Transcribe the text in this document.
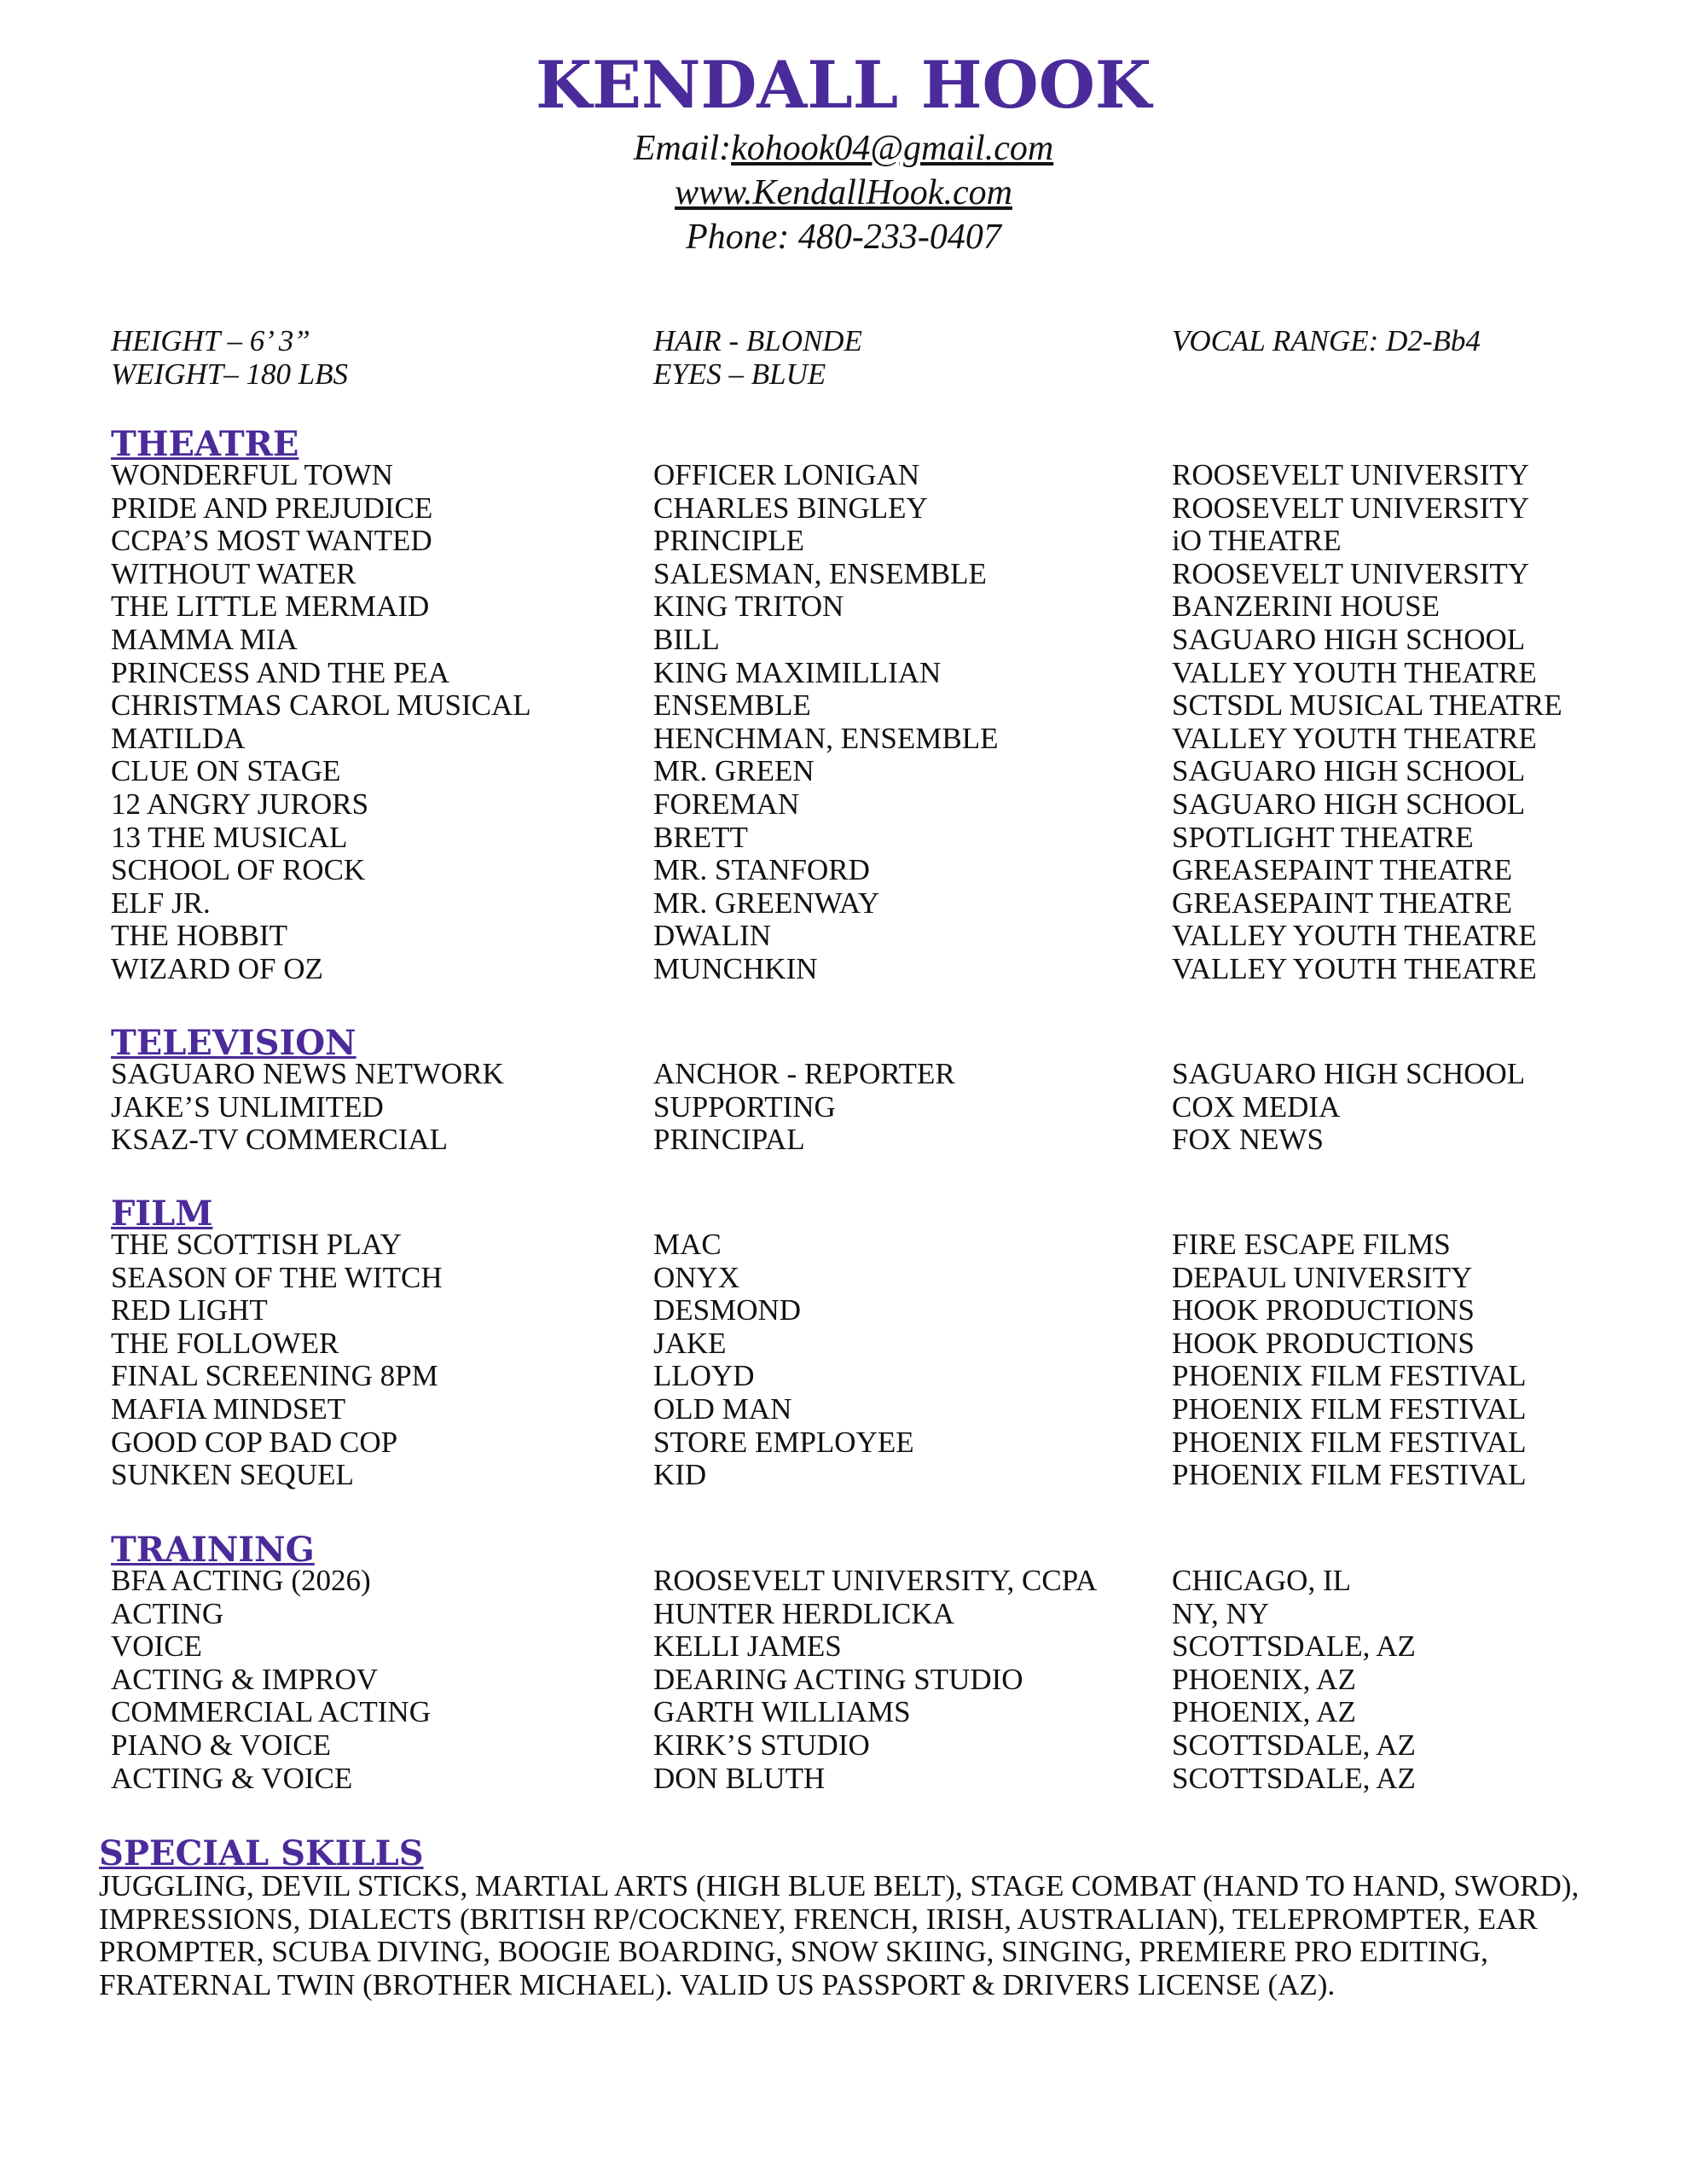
KENDALL HOOK
Email:kohook04@gmail.com
www.KendallHook.com
Phone: 480-233-0407
HEIGHT – 6’ 3”
WEIGHT– 180 LBS
HAIR - BLONDE
EYES – BLUE
VOCAL RANGE: D2-Bb4
THEATRE
WONDERFUL TOWN	OFFICER LONIGAN	ROOSEVELT UNIVERSITY
PRIDE AND PREJUDICE	CHARLES BINGLEY	ROOSEVELT UNIVERSITY
CCPA’S MOST WANTED	PRINCIPLE	iO THEATRE
WITHOUT WATER	SALESMAN, ENSEMBLE	ROOSEVELT UNIVERSITY
THE LITTLE MERMAID	KING TRITON	BANZERINI HOUSE
MAMMA MIA	BILL	SAGUARO HIGH SCHOOL
PRINCESS AND THE PEA	KING MAXIMILLIAN	VALLEY YOUTH THEATRE
CHRISTMAS CAROL MUSICAL	ENSEMBLE	SCTSDL MUSICAL THEATRE
MATILDA	HENCHMAN, ENSEMBLE	VALLEY YOUTH THEATRE
CLUE ON STAGE	MR. GREEN	SAGUARO HIGH SCHOOL
12 ANGRY JURORS	FOREMAN	SAGUARO HIGH SCHOOL
13 THE MUSICAL	BRETT	SPOTLIGHT THEATRE
SCHOOL OF ROCK	MR. STANFORD	GREASEPAINT THEATRE
ELF JR.	MR. GREENWAY	GREASEPAINT THEATRE
THE HOBBIT	DWALIN	VALLEY YOUTH THEATRE
WIZARD OF OZ	MUNCHKIN	VALLEY YOUTH THEATRE
TELEVISION
SAGUARO NEWS NETWORK	ANCHOR - REPORTER	SAGUARO HIGH SCHOOL
JAKE’S UNLIMITED	SUPPORTING	COX MEDIA
KSAZ-TV COMMERCIAL	PRINCIPAL	FOX NEWS
FILM
THE SCOTTISH PLAY	MAC	FIRE ESCAPE FILMS
SEASON OF THE WITCH	ONYX	DEPAUL UNIVERSITY
RED LIGHT	DESMOND	HOOK PRODUCTIONS
THE FOLLOWER	JAKE	HOOK PRODUCTIONS
FINAL SCREENING 8PM	LLOYD	PHOENIX FILM FESTIVAL
MAFIA MINDSET	OLD MAN	PHOENIX FILM FESTIVAL
GOOD COP BAD COP	STORE EMPLOYEE	PHOENIX FILM FESTIVAL
SUNKEN SEQUEL	KID	PHOENIX FILM FESTIVAL
TRAINING
BFA ACTING (2026)	ROOSEVELT UNIVERSITY, CCPA	CHICAGO, IL
ACTING	HUNTER HERDLICKA	NY, NY
VOICE	KELLI JAMES	SCOTTSDALE, AZ
ACTING & IMPROV	DEARING ACTING STUDIO	PHOENIX, AZ
COMMERCIAL ACTING	GARTH WILLIAMS	PHOENIX, AZ
PIANO & VOICE	KIRK’S STUDIO	SCOTTSDALE, AZ
ACTING & VOICE	DON BLUTH	SCOTTSDALE, AZ
SPECIAL SKILLS
JUGGLING, DEVIL STICKS, MARTIAL ARTS (HIGH BLUE BELT), STAGE COMBAT (HAND TO HAND, SWORD), IMPRESSIONS, DIALECTS (BRITISH RP/COCKNEY, FRENCH, IRISH, AUSTRALIAN), TELEPROMPTER, EAR PROMPTER, SCUBA DIVING, BOOGIE BOARDING, SNOW SKIING, SINGING, PREMIERE PRO EDITING, FRATERNAL TWIN (BROTHER MICHAEL). VALID US PASSPORT & DRIVERS LICENSE (AZ).
